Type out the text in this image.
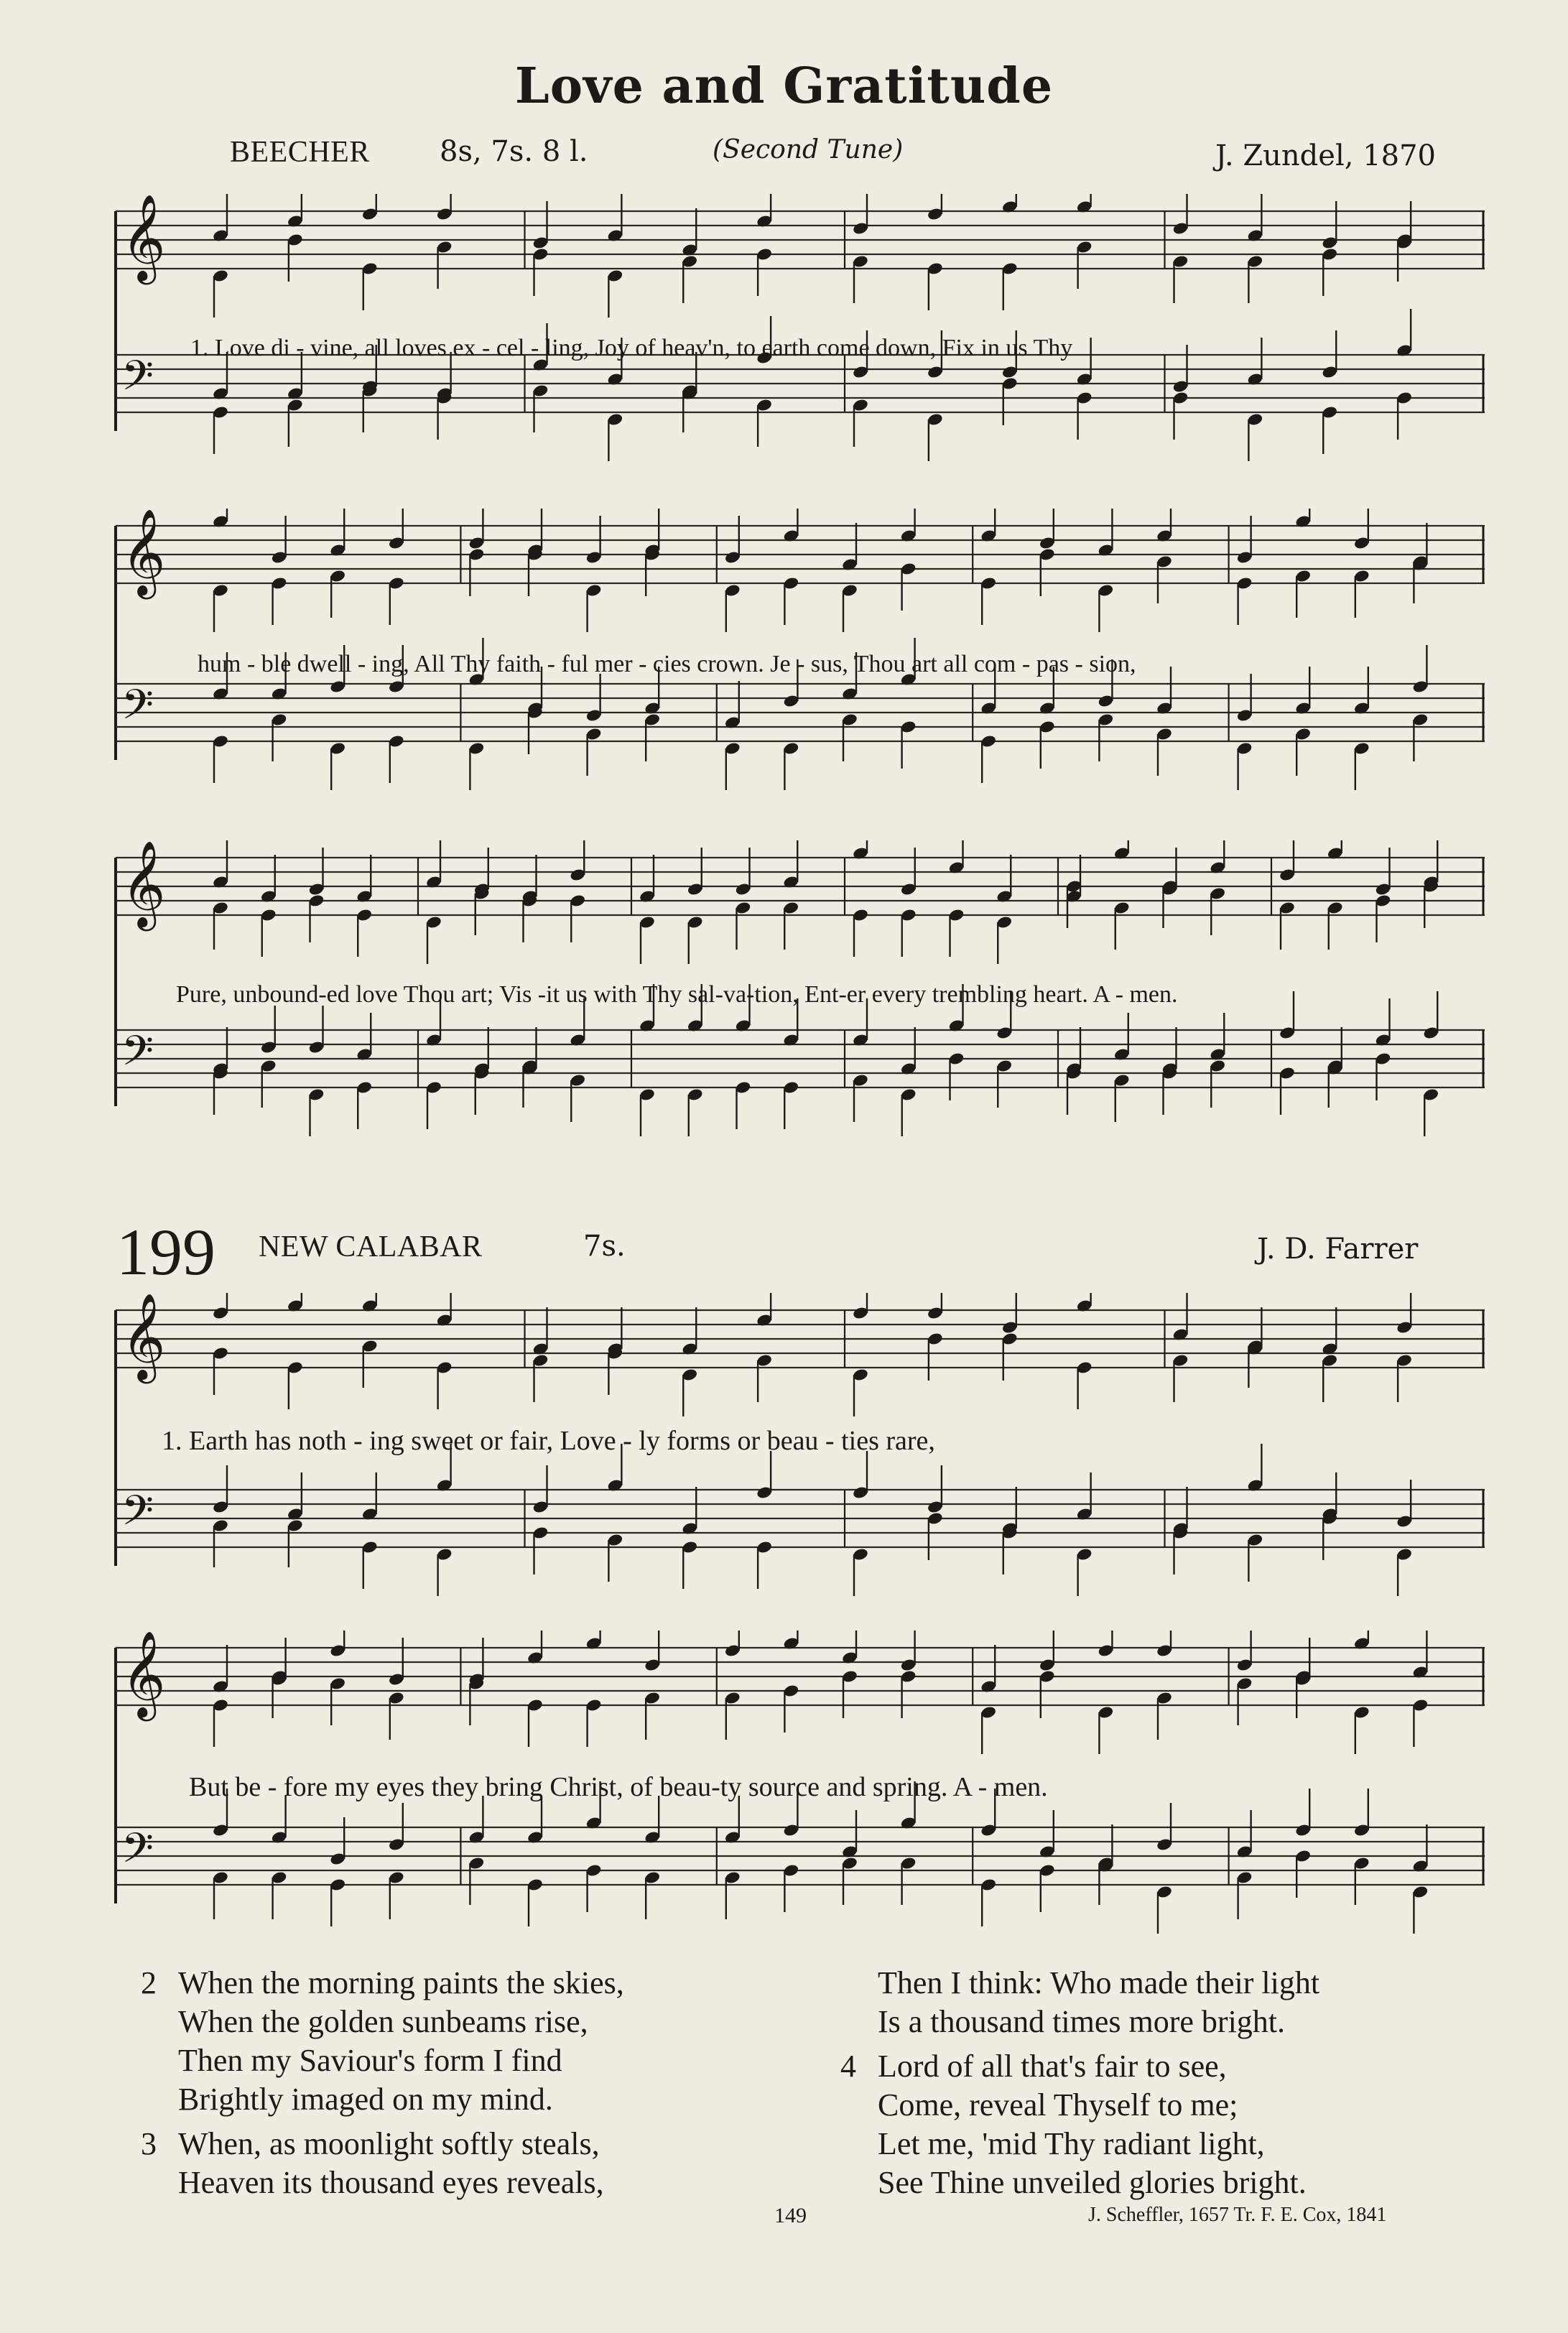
Love and Gratitude
BEECHER 8s, 7s. 8 l.	(Second Tune)	J. Zundel, 1870
𝄞
𝄢
1. Love di - vine, all loves ex - cel - ling, Joy of heav'n, to earth come down, Fix in us Thy
𝄞
𝄢
hum - ble dwell - ing, All Thy faith - ful mer - cies crown. Je - sus, Thou art all com - pas - sion,
𝄞
𝄢
Pure, unbound-ed love Thou art; Vis -it us with Thy sal-va-tion, Ent-er every trembling heart. A - men.
199 NEW CALABAR	7s.	J. D. Farrer
𝄞
𝄢
1. Earth has noth - ing sweet or fair, Love - ly forms or beau - ties rare,
𝄞
𝄢
But be - fore my eyes they bring Christ, of beau-ty source and spring. A - men.
2 When the morning paints the skies,
When the golden sunbeams rise,
Then my Saviour's form I find
Brightly imaged on my mind.
3 When, as moonlight softly steals,
Heaven its thousand eyes reveals,
Then I think: Who made their light
Is a thousand times more bright.
4 Lord of all that's fair to see,
Come, reveal Thyself to me;
Let me, 'mid Thy radiant light,
See Thine unveiled glories bright.
149	J. Scheffler, 1657 Tr. F. E. Cox, 1841
